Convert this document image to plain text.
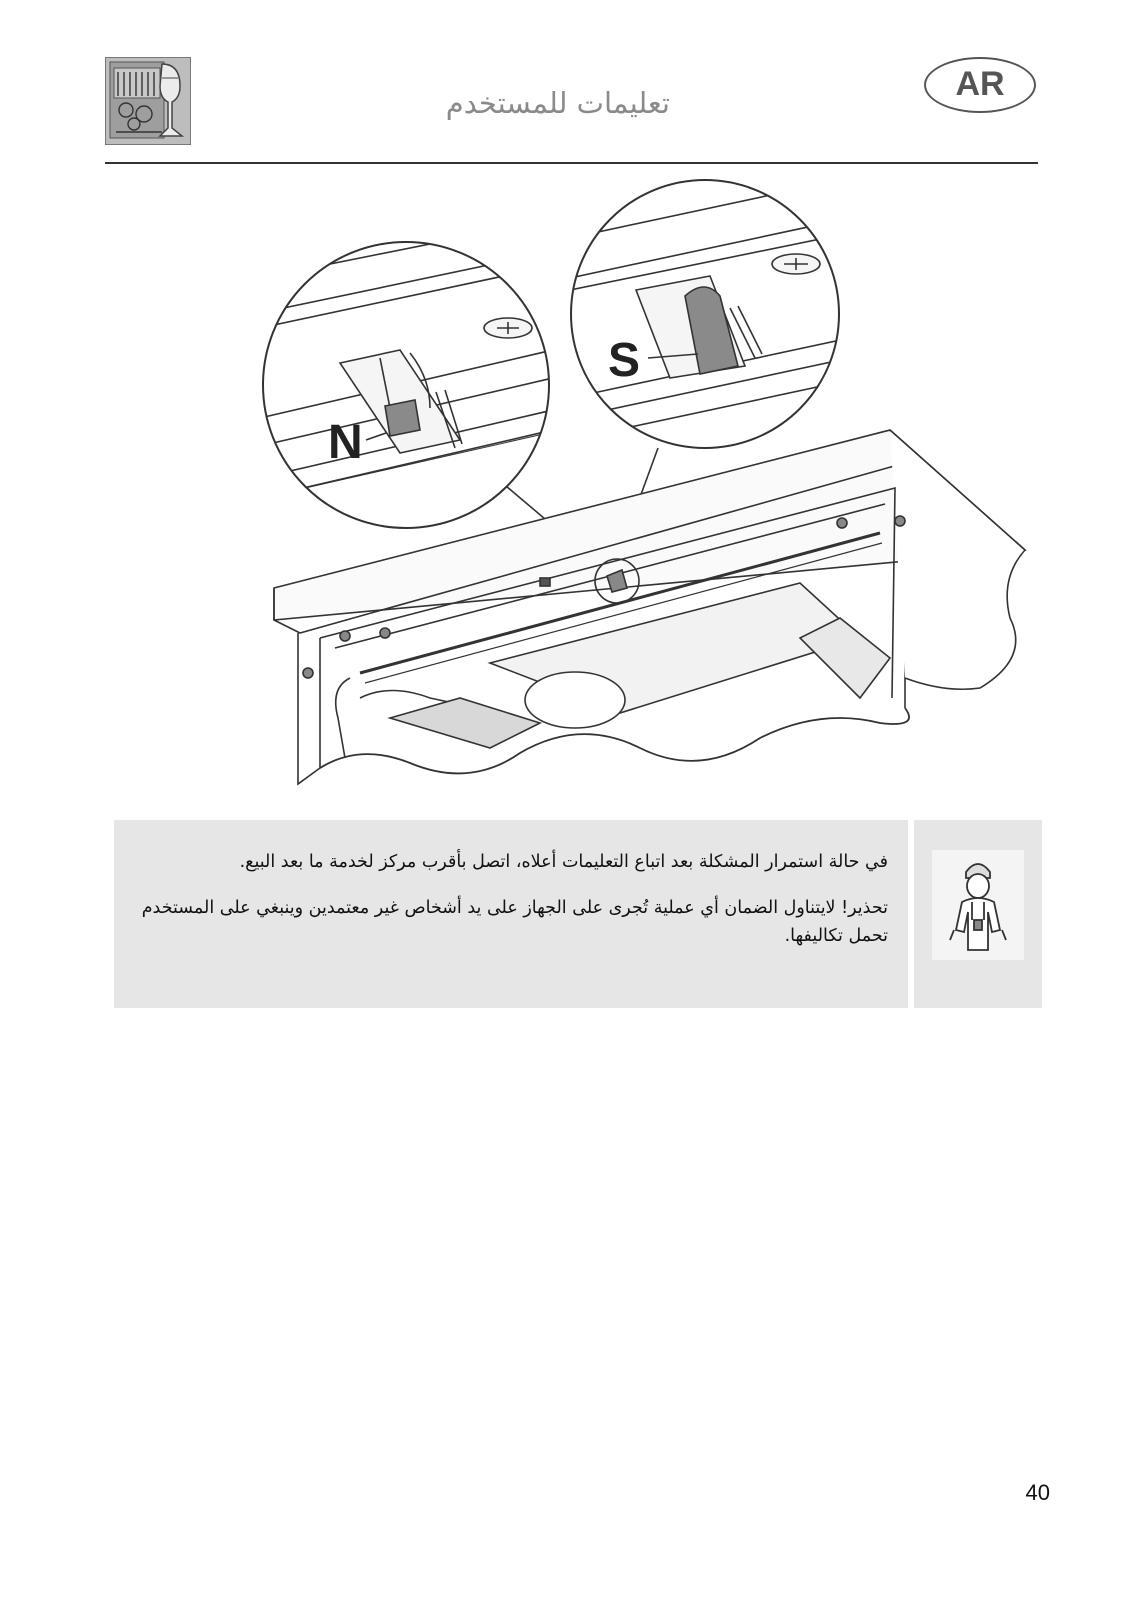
تعليمات للمستخدم	AR
N
S

في حالة استمرار المشكلة بعد اتباع التعليمات أعلاه، اتصل بأقرب مركز لخدمة ما بعد البيع.

تحذير! لايتناول الضمان أي عملية تُجرى على الجهاز على يد أشخاص غير معتمدين وينبغي على المستخدم تحمل تكاليفها.

40
